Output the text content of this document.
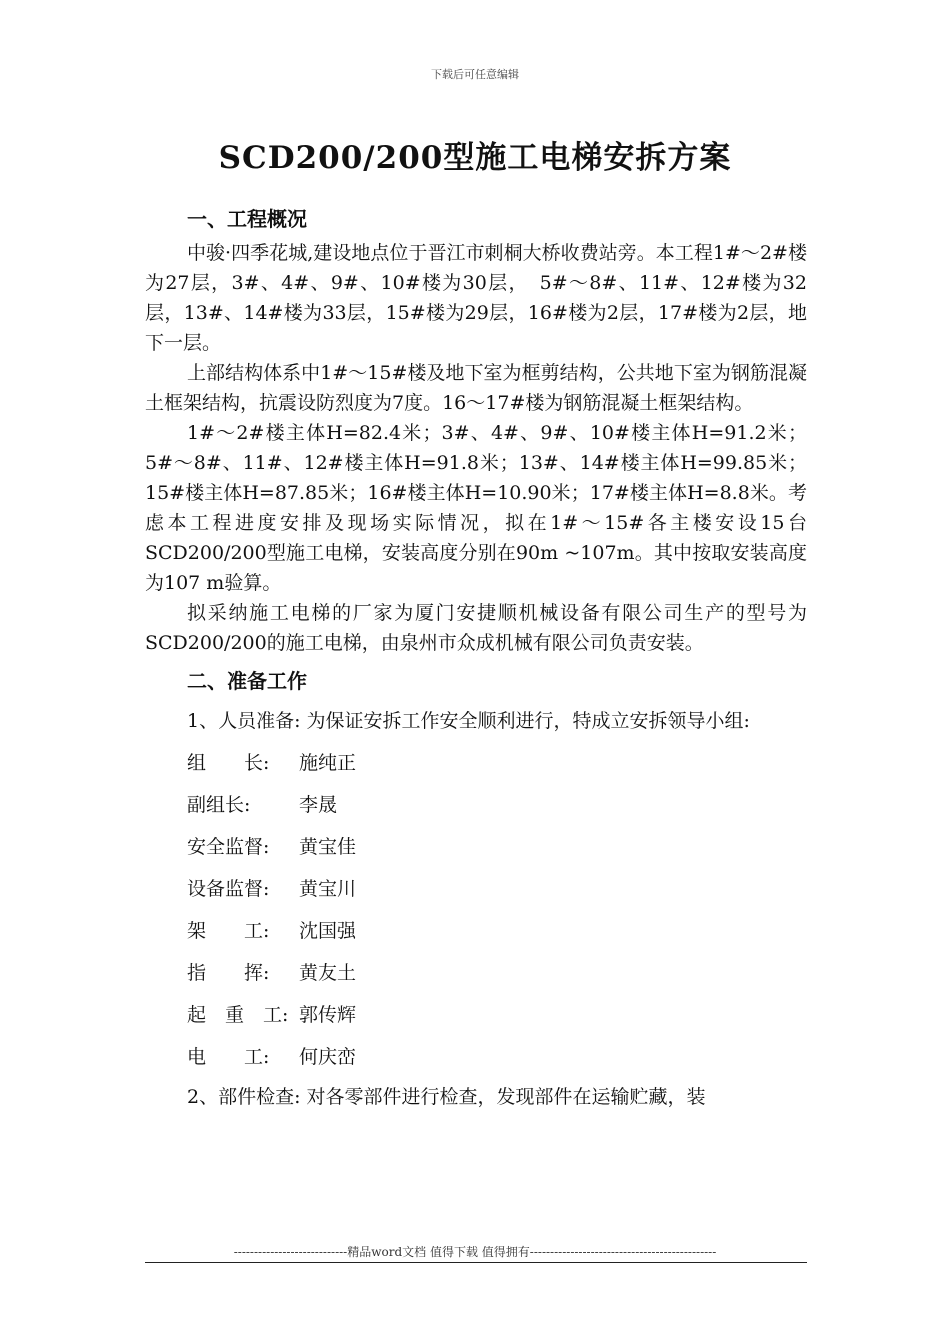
下载后可任意编辑
SCD200/200型施工电梯安拆方案
一、工程概况

中骏·四季花城,建设地点位于晋江市刺桐大桥收费站旁。本工程1#～2#楼为27层，3#、4#、9#、10#楼为30层，　5#～8#、11#、12#楼为32层，13#、14#楼为33层，15#楼为29层，16#楼为2层，17#楼为2层，地下一层。

上部结构体系中1#～15#楼及地下室为框剪结构，公共地下室为钢筋混凝土框架结构，抗震设防烈度为7度。16～17#楼为钢筋混凝土框架结构。

1#～2#楼主体H=82.4米；3#、4#、9#、10#楼主体H=91.2米；5#～8#、11#、12#楼主体H=91.8米；13#、14#楼主体H=99.85米；15#楼主体H=87.85米；16#楼主体H=10.90米；17#楼主体H=8.8米。考虑本工程进度安排及现场实际情况，拟在1#～15#各主楼安设15台SCD200/200型施工电梯，安装高度分别在90m ~107m。其中按取安装高度为107 m验算。

拟采纳施工电梯的厂家为厦门安捷顺机械设备有限公司生产的型号为SCD200/200的施工电梯，由泉州市众成机械有限公司负责安装。

二、准备工作

1、人员准备: 为保证安拆工作安全顺利进行，特成立安拆领导小组:

组　　长: 施纯正
副组长:	李晟
安全监督: 黄宝佳
设备监督: 黄宝川
架　　工: 沈国强
指　　挥: 黄友土
起　重　工: 郭传辉
电　　工: 何庆峦

2、部件检查: 对各零部件进行检查，发现部件在运输贮藏，装

----------------------------精品word文档 值得下载 值得拥有----------------------------------------------
